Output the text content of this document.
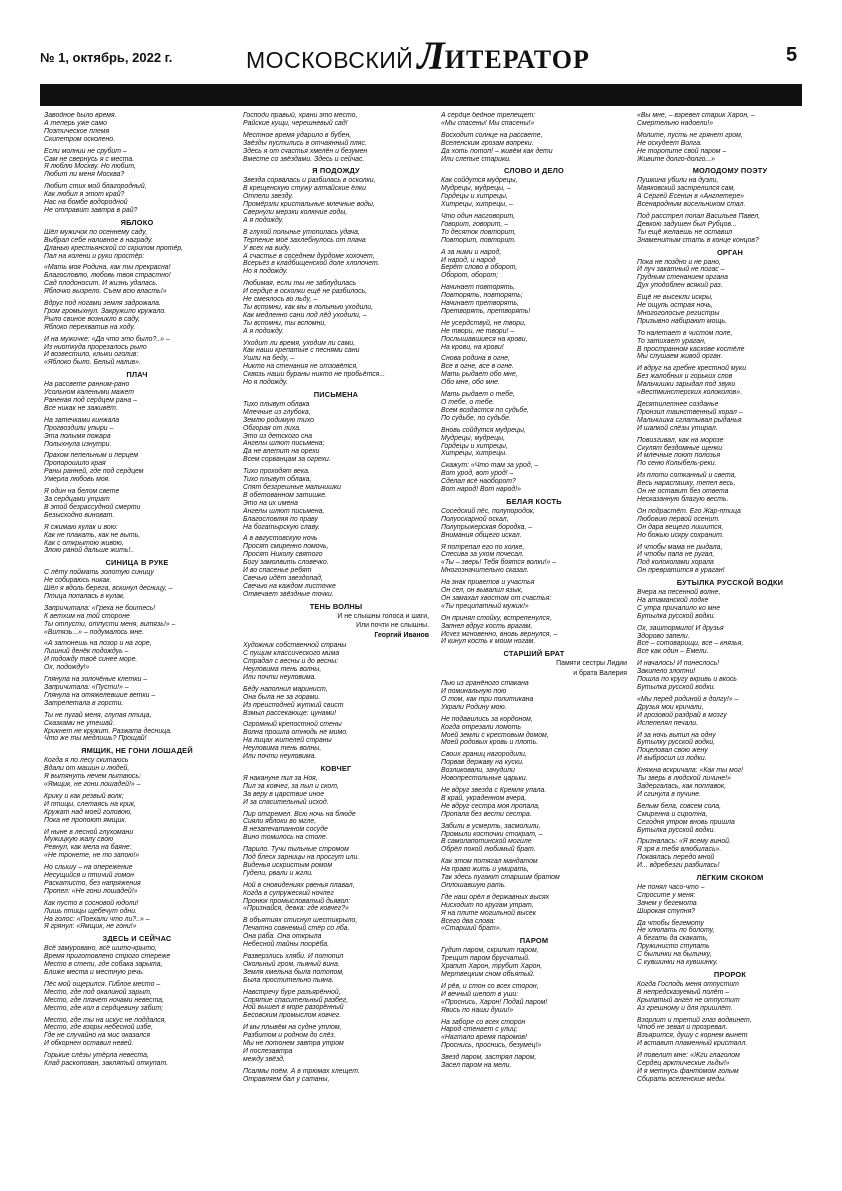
№ 1, октябрь, 2022 г.	МОСКОВСКИЙ Л ИТЕРАТОР	5
Заводное было время.
А теперь уже само
Поэтическое племя
Скипетром осколено.
Если молнии не срубит –
Сам не свернусь я с места.
Я люблю Москву. Но любит,
Любит ли меня Москва?
Любит стих мой благородный,
Как любил я этот край?
Нас на бомбе водородной
Не отправит завтра в рай?
ЯБЛОКО
Шёл мужичок по осеннему саду,
Выбрал себе наливное в награду.
Дланью крестьянской со скрипом протёр,
Пал на колени и руки простёр:
«Мать моя Родина, как ты прекрасна!
Благословлю, любовь твоя страстно!
Сад плодоносит. И жизнь удалась.
Яблочко вызрело. Съем всю власть!»
Вдруг под ногами земля задрожала.
Гром громыхнул. Закружило кружало.
Рыло свиное возникло в саду,
Яблоко перехватив на ходу.
И на мужичке: «Да что это было?..» –
Из ниоткуда прорезалось рыло
И возвестило, клыки оголив:
«Яблоко было. Белый налив».
ПЛАЧ
На рассвете ранним-рано
Усольном калеными мажет
Раненая под сердцем рана –
Все никак не заживёт.
На затечками кинжала
Прогвоздили упыри –
Эта полымя пожара
Полыхнула изнутри.
Прахом пепельным и перцем
Пропорошило края
Раны ранней, где под сердцем
Умерла любовь моя.
Я один на белом свете
За сердцами утрат
В этой безрассудной смерти
Безысходно виноват.
Я сжимаю кулак и вою:
Как не плакать, как не выть,
Как с открытою живою,
Злою раной дальше жить!..
СИНИЦА В РУКЕ
С лёту поймать золотую синицу
Не собираюсь никак.
Шёл я вдоль берега, вскинул десницу, –
Птица попалась в кулак.
Запричитала: «Греха не боитесь!
К ветхим на той стороне
Ты отпусти, отпусти меня, витязь!» –
«Витязь...» – подумалось мне.
«А затонешь на позор и на горе,
Лишний денёк подождуь –
И подожду твоё синее море.
Ох, подожду!»
Глянула на золочёные клетки –
Запричитала: «Пусти!» –
Глянула на отяжелевшие ветки –
Затрепетала в горсти.
Ты не пугай меня, глупая птица,
Сказками не утешай.
Крикнет не кружит. Разжата десница.
Что же ты медлишь? Прощай!
ЯМЩИК, НЕ ГОНИ ЛОШАДЕЙ
Когда я по лесу скитаюсь
Вдали от машин и людей,
Я вытянуть нечем пытаюсь:
«Ямщик, не гони лошадей!» –
Крику и как резвый волк;
И птицы, слетаясь на крик,
Кружат над моей головою,
Пока не пропоют ямщик.
И ныне в лесной глухомани
Мужицкую жалу свою
Ревнул, как мела на баяне:
«Не тронете, не то запою!»
Но слышу – на опережение
Несущийся и птичий гомон
Раскатисто, без напряжения
Пропел: «Не гони лошадей!»
Как пусто в сосновой юдоли!
Лишь птицы щебечут одни.
На голос: «Поехали что ли?..» –
Я грянул: «Ямщик, не гони!»
ЗДЕСЬ И СЕЙЧАС
Всё замуровано, всё шито-крыто,
Время приготовлено строго стереже
Место в степи, где собака зарыта,
Ближе места и местную речь.
Пёс мой ощерился. Гиблое место –
Место, где под окалиной зарыт,
Место, где плачет ночами невеста,
Место, где кол в сердцевину забит;
Место, где ты на искус не поддался,
Место, где взоры небесной избе,
Где не случайно на мис оказался
И обкорнен оставил невей.
Горькие слёзы утёрла невеста,
Клад раскопован, заклятый откупат.
Господи правый, храни это место,
Райские кущи, черешневый сад!
Местное время ударило в бубен,
Звёзды пустились в отчаянный пляс.
Здесь я от счастья хмелён и безумен
Вместе со звёздами. Здесь и сейчас.
Я ПОДОЖДУ
Звезда сорвалась и разбилась в осколки,
В крещенскую стужу алтайские ёлки
Отпели звезду.
Промёрзли кристальные млечные воды,
Свернули мерзки колючие годы,
А я подожду.
В глухой полынье утопилась удача,
Терпение моё захлебнулось от плача
У всех на виду.
А счастье в соседнем дурдоме хохочет,
Всерьёз в кладбищенской доле хлопочет.
Но я подожду.
Любимая, если ты не заблудилась
И сердце в осколки ещё не разбилось,
Не смеялось во льду, –
Ты вспомни, как мы в полынью уходили,
Как медленно сани под лёд уходили, –
Ты вспомни, ты вспомни,
А я подожду.
Уходит ли время, уходим ли сами,
Как наши крепатые с песнями сани
Ушли на беду, –
Никто на стенания не отзовётся,
Сквозь наши бураны никто не пробьётся...
Но я подожду.
ПИСЬМЕНА
Тихо плывут облака
Млечные из глубока,
Землю родимую тихо
Обгорая от лиха.
Это из детского сна
Ангелы шлют письмена;
Да не влетит на орехи
Всем сорванцам за огрехи.
Тихо проходят века.
Тихо плывут облака,
Спят безгрешные мальчишки
В обетованном затишке.
Это на их имена
Ангелы шлют письмена,
Благословляя по праву
На богатырскую славу.
А в августовскую ночь
Просят смиренно помочь,
Просят Николу святого
Богу замолвить словечко.
И во спасенье ребят
Свечью идёт звездопад,
Свечью на каждом листочке
Отвечает звёздные точки.
ТЕНЬ ВОЛНЫ
И не слышны голоса и шаги,
Или почти не слышны.
Георгий Иванов
Художник собственной страны
С пущим классического мима
Страдал с весны и до весны:
Неуловима тень волны,
Или почти неуловима.
Бёду наполнил маринист,
Она была не за горами.
Из преисподней жуткий свист
Взмыл рассекающе: цунами!
Огромный крепостной стены
Волна прошла отнюдь не мимо.
На лицах жителей страны
Неуловима тень волны,
Или почти неуловима.
КОВЧЕГ
Я накануне пил за Ноя,
Пил за ковчег, за пыл и скот,
За веру в царствие иное
И за спасительный исход.
Пир отгремел. Всю ночь на блюде
Сияли яблоки во мгле,
В незапечатанном сосуде
Вино томилось на столе.
Парило. Тучи пыльные стромом
Под блеск зарницы на просгут или.
Виденья искристым ромом
Гудели, рвали и жгли.
Ной в сновидениях рвенья плавал,
Когда в супружеский ночлег
Пронюх промысловатый дьявол:
«Признайся, девка: где ковчег?»
В объятиях стиснул шестикрыло,
Печатно совнемый стёр со лба.
Она раба. Она открыла
Небесной тайны поорёба.
Разверзлись хляби. И потопил
Окольный гром, пьяный вина.
Земля хмельна была потопом,
Была простительно пьяна.
Навстречу буре разъярённой,
Спрятие спасительный разбег,
Ной вышел в море разорённый
Бесовским промыслом ковчег.
И мы плывём на судне утлом,
Разбитом и родном до слёз.
Мы не потонем завтра утром
И послезавтра
между звёзд.
Псалмы поём. А в трюмах хлещет.
Отравляем бал у сатаны,
А сердце бедное трепещет:
«Мы спасены! Мы спасены!»
Восходит солнце на рассвете,
Вселенским грозам вопреки.
Да хоть потоп! – живём как дети
Или слепые старики.
СЛОВО И ДЕЛО
Как сойдутся мудрецы,
Мудрецы, мудрецы, –
Гордецы и хитрецы,
Хитрецы, хитрецы, –
Что один насговорит,
Говорит, говорит, –
То десяток повторит,
Повторит, повторит.
А за ними и народ,
И народ, и народ
Берёт слово в оборот,
Оборот, оборот;
Начинает повторять,
Повторять, повторять;
Начинает претворять,
Претворять, претворять!
Не усердствуй, не твори,
Не твори, не твори! –
Послышавшиеся на крови,
На крови, на крови!
Снова родина в огне,
Все в огне, все в огне.
Мать рыдает обо мне,
Обо мне, обо мне.
Мать рыдает о тебе,
О тебе, о тебе.
Всем воздастся по судьбе,
По судьбе, по судьбе.
Вновь сойдутся мудрецы,
Мудрецы, мудрецы,
Гордецы и хитрецы,
Хитрецы, хитрецы.
Скажут: «Что там за урод, –
Вот урод, вот урод! –
Сделал всё наоборот?
Вот народ! Вот народ!»
БЕЛАЯ КОСТЬ
Соседский пёс, полупородок,
Полуоскарной оскал,
Полупрыжерская бородка, –
Внимания общего искал.
Я потрепал его по холке,
Спесива за ухом почесал.
«Ты – зверь! Тебя боятся волки!» –
Многозначительно сказал.
На знак приветов и участья
Он сел, он вывалил язык,
Он замахал хвостом от счастья:
«Ты преципатный мужик!»
Он принял стойку, встрепенулся,
Запнел вдруг кость врагам,
Исчез мгновенно, вновь вернулся, –
И кинул кость к моим ногам.
СТАРШИЙ БРАТ
Памяти сестры Лидии
и брата Валерия
Пью из гранёного стакана
И поминальную пою
О том, как три политикана
Украли Родину мою.
Не подавились за кордоном,
Когда отрезали ломоть
Моей земли с крестовым домом,
Моей родовых кровь и плоть.
Своих границ нагородили,
Порвав державу на куски.
Возликовали, зачудили
Новопрестольные царьки.
Не вдруг звезда с Кремля упала.
В край, украденном вчера,
Не вдруг сестра моя пропала,
Пропала без вести сестра.
Забили в усмерть, засмолили,
Промыли косточки стократ, –
В самолапотинской могиле
Обрёл покой любимый брат.
Как этом потягал мандатом
На право жить и умирать,
Так здесь пугают старшим братом
Оплошавшую рать.
Где наш орёл в державных высях
Нисходит по кругам утрат,
Я на плите могильной высек
Всего два слова:
«Старший брат».
ПАРОМ
Гудит паром, скрипит паром,
Трещит паром брусчатый.
Храпит Харон, трубит Харон,
Мертвецким сном объятый.
И рёв, и стон со всех сторон,
И вечный шепот в уши:
«Проснись, Харон! Подай паром!
Явись по наши души!»
На заборе со всех сторон
Народ стенает с улиц:
«Нагтало время паромов!
Проснись, проснись, безумец!»
Звезд паром, застрял паром,
Засел паром на мели.
«Вы мне, – взревел старик Харон, –
Смертельно надоели!»
Молите, пусть не грянет гром,
Не оскудеет Волга.
Не торопите свой паром –
Живите долго-долго...»
МОЛОДОМУ ПОЭТУ
Пушкина убили на дуэли,
Маяковский застрелился сам,
А Сергей Есенин в «Англетере»
Всенародным висельником стал.
Под расстрел попал Васильев Павел,
Девкою задушен был Рубцов...
Ты ещё желаешь не оставил
Знаменитым стать в конце концов?
ОРГАН
Пока не поздно и не рано,
И луч закатный не погас –
Грудным стенанием органа
Дух уподоблен всякий раз.
Ещё не высекли искры,
Не ощупь острая ночь,
Многоголосые регистры
Призывно набирают мощь.
То налетает в чистом поле,
То затихает ураган,
В пространном каскове костёле
Мы слушаем живой орган.
И вдруг на гребне крестной муки
Без жалобных и горьких слов
Мальчишки зарыдал под звуки
«Вестминстерских колоколов».
Десятилетнее созданье
Пронзил таинственный хорал –
Мальчишка сглатывал рыданья
И шапкой слёзы утирал.
Повизгивал, как на морозе
Скулят бездомные щенки
И млечные поют полозья
По сеню Колыбель-реки.
Из плоти сотканный и света,
Весь нараспашку, тепел весь,
Он не оставит без ответа
Несказанную благую весть.
Он подрастёт. Его Жар-птица
Любовию первой осенит.
Он дара вещего лишится,
Но божью искру сохранит.
И чтобы мама не рыдала,
И чтобы папа не ругал,
Под колоколами хорала
Он превратится в ураган!
БУТЫЛКА РУССКОЙ ВОДКИ
Вчера на песенной волне,
На атаманской лодке
С утра причалило ко мне
Бутылка русской водки.
Ох, заштормило! И друзья
Здорово запели.
Все – сотоварищи, все – князья,
Все как один – Емели.
И началось! И понеслось!
Закипело злотни!
Пошла по кругу вкривь и вкось
Бутылка русской водки.
«Мы перед родиной в долгу!» –
Друзья мои кричали,
И грозовой раздрай в мозгу
Испепелял печали.
И за ночь выпил на одну
Бутылку русской водки,
Поцеловал свою жену
И выбросил из лодки.
Княжна вскричала: «Как ты мог!
Ты зверь в людской личине!»
Задергалась, как поплавок,
И сгинула в пучине.
Белым бела, совсем сола,
Смиренна и сиротна,
Сегодня утром вновь пришла
Бутылка русской водки.
Призналась: «Я всему виной.
Я зря в тебя влюбилась».
Покаялась передо мной
И... вдребезги разбилась!
ЛЁГКИМ СКОКОМ
Не понял часо-что –
Спросите у меня:
Зачем у бегемота
Широкая ступня?
Да чтобы бегемоту
Не хлюпать по болоту,
А бегать да скакать,
Пружинисто ступать
С былинки на былинку,
С кувшинки на кувшинку.
ПРОРОК
Когда Господь меня отпустит
В непредсказуемый полёт –
Крылатый ангел не отпустит
Аз грешному и для пришлёт.
Взорлит и третий глаз водвинет,
Чтоб не зевал и прозревал.
Взъярится, душу с корнем вынет
И вставит пламенный кристалл.
И повелит мне: «Жги глаголом
Сердец арктические льды!»
И я метнусь фантомом голым
Сбирать вселенские меды.
